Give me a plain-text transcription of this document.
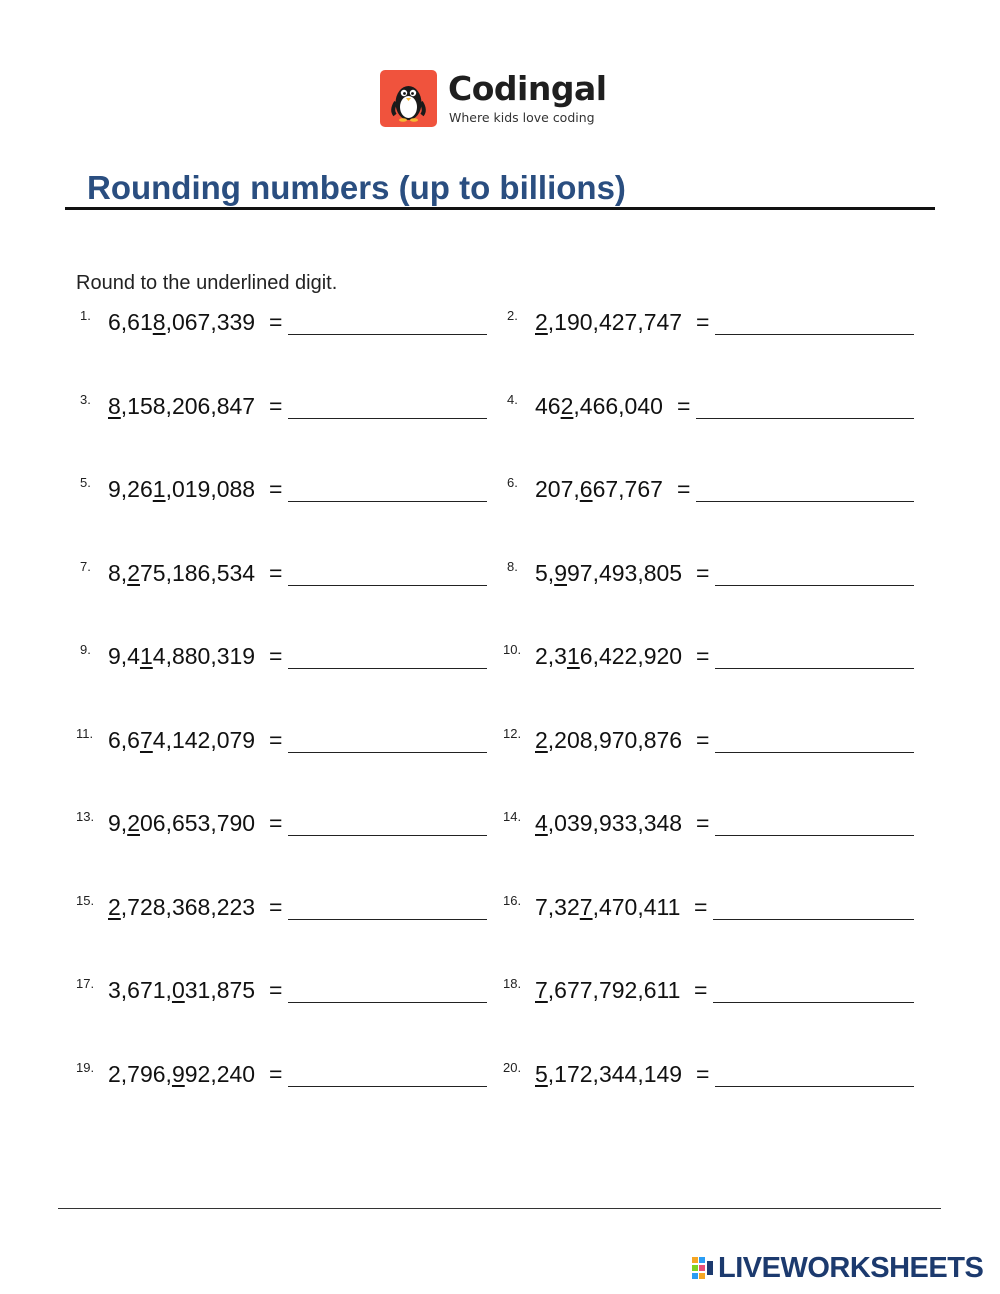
Codingal
Where kids love coding
Rounding numbers (up to billions)
Round to the underlined digit.
1. 6,618,067,339 =	2. 2,190,427,747 =
3. 8,158,206,847 =	4. 462,466,040 =
5. 9,261,019,088 =	6. 207,667,767 =
7. 8,275,186,534 =	8. 5,997,493,805 =
9. 9,414,880,319 =	10. 2,316,422,920 =
11. 6,674,142,079 =	12. 2,208,970,876 =
13. 9,206,653,790 =	14. 4,039,933,348 =
15. 2,728,368,223 =	16. 7,327,470,411 =
17. 3,671,031,875 =	18. 7,677,792,611 =
19. 2,796,992,240 =	20. 5,172,344,149 =
LIVEWORKSHEETS
